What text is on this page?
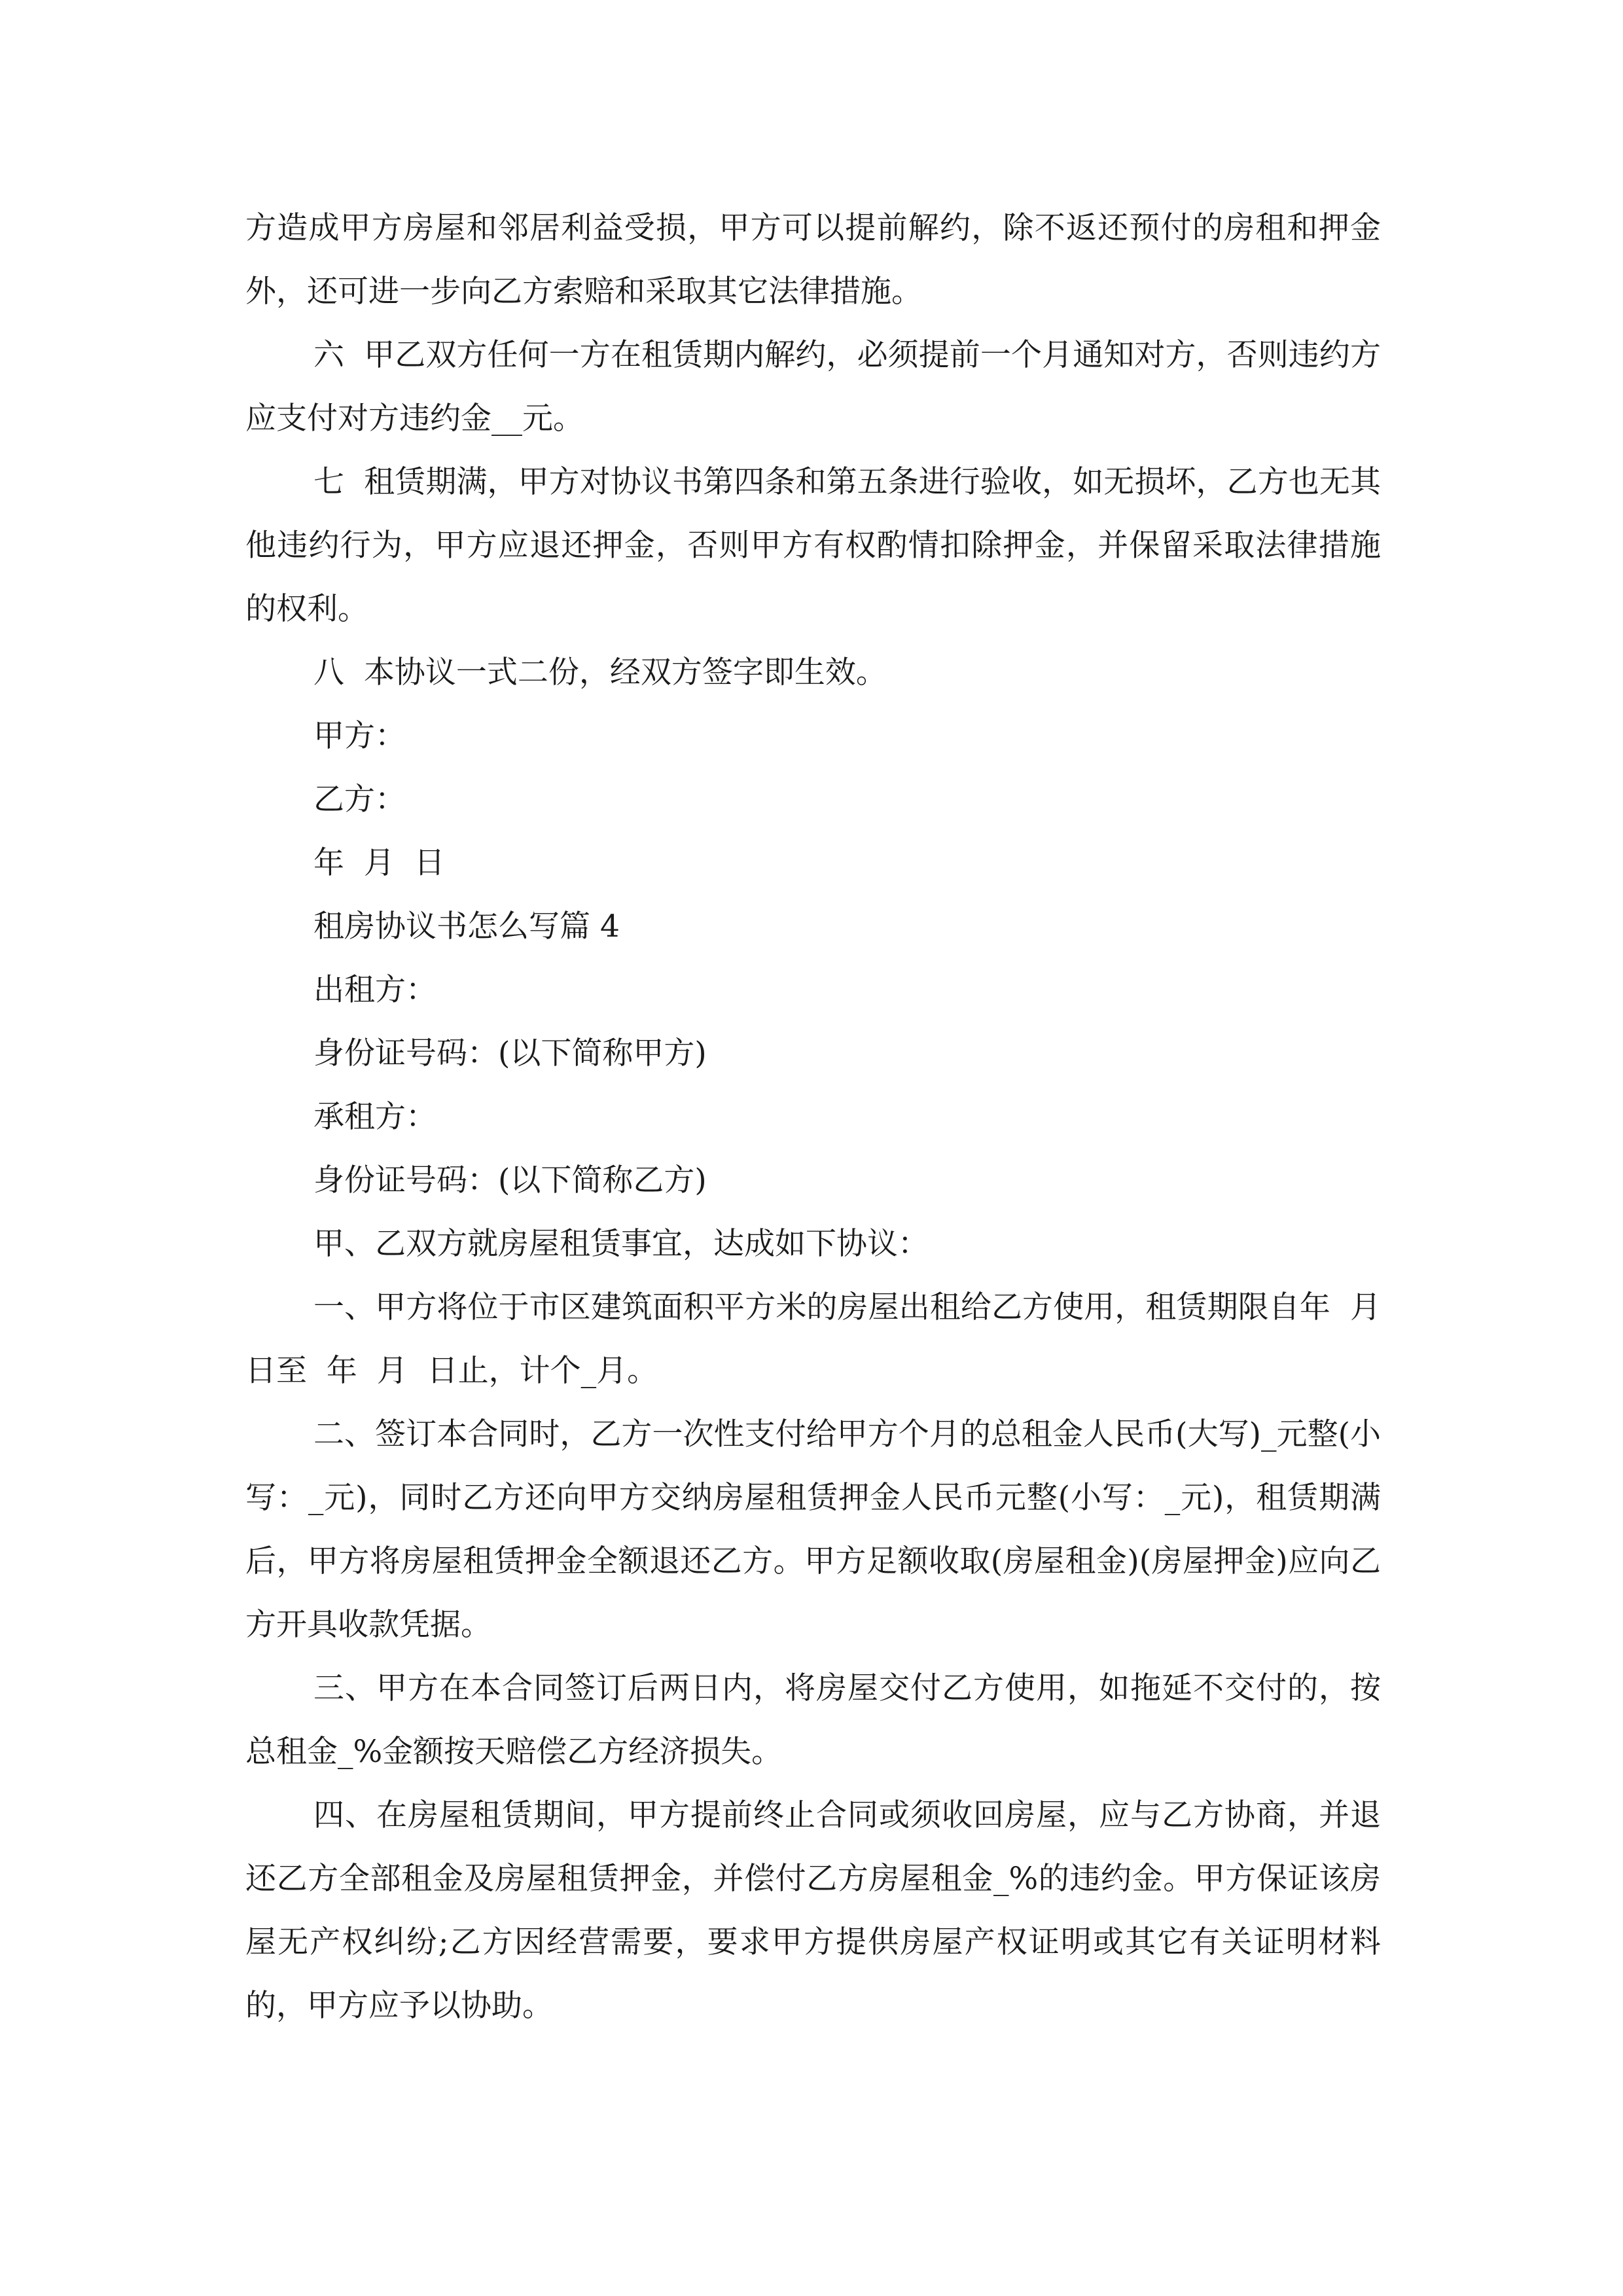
方造成甲方房屋和邻居利益受损，甲方可以提前解约，除不返还预付的房租和押金外，还可进一步向乙方索赔和采取其它法律措施。

六  甲乙双方任何一方在租赁期内解约，必须提前一个月通知对方，否则违约方应支付对方违约金__元。

七  租赁期满，甲方对协议书第四条和第五条进行验收，如无损坏，乙方也无其他违约行为，甲方应退还押金，否则甲方有权酌情扣除押金，并保留采取法律措施的权利。

八  本协议一式二份，经双方签字即生效。

甲方：

乙方：

年  月  日

租房协议书怎么写篇 4

出租方：

身份证号码：(以下简称甲方)

承租方：

身份证号码：(以下简称乙方)

甲、乙双方就房屋租赁事宜，达成如下协议：

一、甲方将位于市区建筑面积平方米的房屋出租给乙方使用，租赁期限自年  月  日至  年  月  日止，计个_月。

二、签订本合同时，乙方一次性支付给甲方个月的总租金人民币(大写)_元整(小写：_元)，同时乙方还向甲方交纳房屋租赁押金人民币元整(小写：_元)，租赁期满后，甲方将房屋租赁押金全额退还乙方。甲方足额收取(房屋租金)(房屋押金)应向乙方开具收款凭据。

三、甲方在本合同签订后两日内，将房屋交付乙方使用，如拖延不交付的，按总租金_%金额按天赔偿乙方经济损失。

四、在房屋租赁期间，甲方提前终止合同或须收回房屋，应与乙方协商，并退还乙方全部租金及房屋租赁押金，并偿付乙方房屋租金_%的违约金。甲方保证该房屋无产权纠纷;乙方因经营需要，要求甲方提供房屋产权证明或其它有关证明材料的，甲方应予以协助。
